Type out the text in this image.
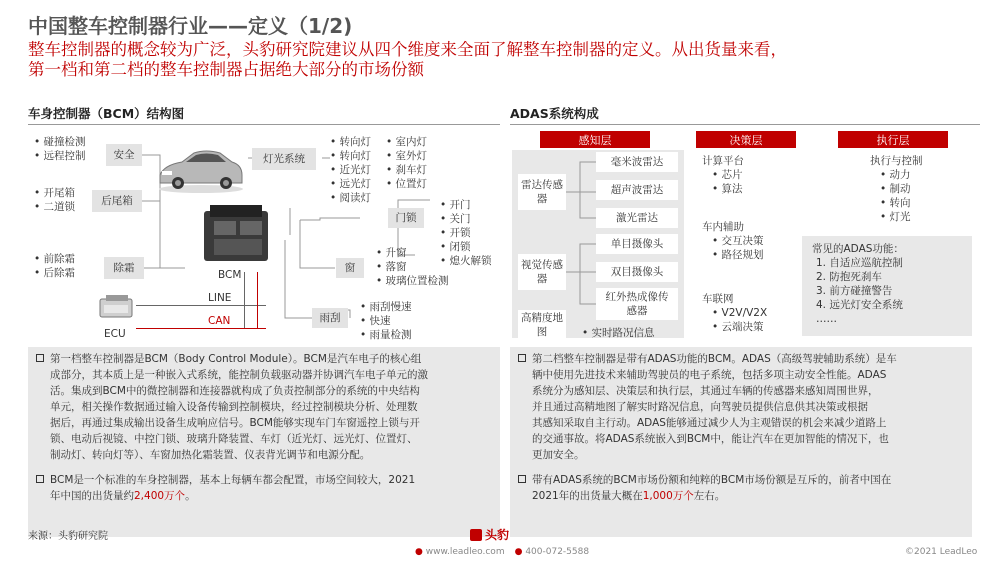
中国整车控制器行业——定义（1/2)
整车控制器的概念较为广泛，头豹研究院建议从四个维度来全面了解整车控制器的定义。从出货量来看，
第一档和第二档的整车控制器占据绝大部分的市场份额
车身控制器（BCM）结构图	ADAS系统构成
• 碰撞检测
• 远程控制	安全
• 开尾箱
• 二道锁	后尾箱
• 前除霜
• 后除霜	除霜
BCM
ECU
LINE
CAN
灯光系统
• 转向灯
• 转向灯
• 近光灯
• 远光灯
• 阅读灯
• 室内灯
• 室外灯
• 刹车灯
• 位置灯
门锁
• 开门
• 关门
• 开锁
• 闭锁
• 熄火解锁
窗
• 升窗
• 落窗
• 玻璃位置检测
雨刮
• 雨刮慢速
• 快速
• 雨量检测
感知层	决策层	执行层
雷达传感器
视觉传感器
高精度地图
毫米波雷达
超声波雷达
激光雷达
单目摄像头
双目摄像头
红外热成像传感器
• 实时路况信息
计算平台
• 芯片
• 算法
车内辅助
• 交互决策
• 路径规划
车联网
• V2V/V2X
• 云端决策
执行与控制
• 动力
• 制动
• 转向
• 灯光
常见的ADAS功能：
1. 自适应巡航控制
2. 防抱死刹车
3. 前方碰撞警告
4. 远光灯安全系统
……
第一档整车控制器是BCM（Body Control Module）。BCM是汽车电子的核心组
成部分，其本质上是一种嵌入式系统，能控制负载驱动器并协调汽车电子单元的激
活。集成到BCM中的微控制器和连接器就构成了负责控制部分的系统的中央结构
单元，相关操作数据通过输入设备传输到控制模块，经过控制模块分析、处理数
据后，再通过集成输出设备生成响应信号。BCM能够实现车门车窗遥控上锁与开
锁、电动后视镜、中控门锁、玻璃升降装置、车灯（近光灯、远光灯、位置灯、
制动灯、转向灯等）、车窗加热化霜装置、仪表背光调节和电源分配。
BCM是一个标准的车身控制器，基本上每辆车都会配置，市场空间较大，2021
年中国的出货量约2,400万个。
第二档整车控制器是带有ADAS功能的BCM。ADAS（高级驾驶辅助系统）是车
辆中使用先进技术来辅助驾驶员的电子系统，包括多项主动安全性能。ADAS
系统分为感知层、决策层和执行层，其通过车辆的传感器来感知周围世界，
并且通过高精地图了解实时路况信息，向驾驶员提供信息供其决策或根据
其感知采取自主行动。ADAS能够通过减少人为主观错误的机会来减少道路上
的交通事故。将ADAS系统嵌入到BCM中，能让汽车在更加智能的情况下，也
更加安全。
带有ADAS系统的BCM市场份额和纯粹的BCM市场份额是互斥的，前者中国在
2021年的出货量大概在1,000万个左右。
来源：头豹研究院	头豹
● www.leadleo.com ● 400-072-5588	©2021 LeadLeo
